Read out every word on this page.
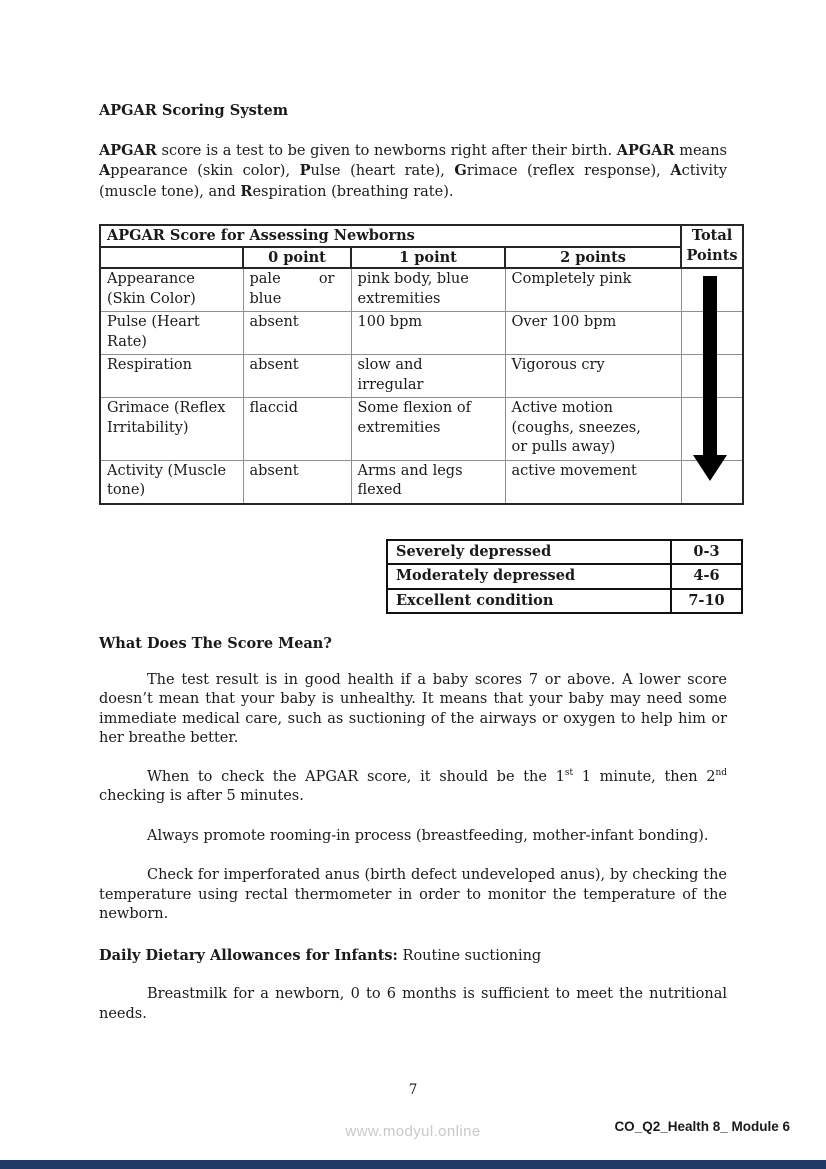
APGAR Scoring System

APGAR score is a test to be given to newborns right after their birth. APGAR means Appearance (skin color), Pulse (heart rate), Grimace (reflex response), Activity (muscle tone), and Respiration (breathing rate).

APGAR Score for Assessing Newborns				Total
Points

	0 point	1 point	2 points	
Appearance (Skin Color)	pale or blue	pink body, blue extremities	Completely pink	
Pulse (Heart Rate)	absent	100 bpm	Over 100 bpm	
Respiration	absent	slow and irregular	Vigorous cry	
Grimace (Reflex Irritability)	flaccid	Some flexion of extremities	Active motion (coughs, sneezes, or pulls away)	
Activity (Muscle tone)	absent	Arms and legs flexed	active movement	
Severely depressed	0-3
Moderately depressed	4-6
Excellent condition	7-10
What Does The Score Mean?

The test result is in good health if a baby scores 7 or above. A lower score doesn’t mean that your baby is unhealthy. It means that your baby may need some immediate medical care, such as suctioning of the airways or oxygen to help him or her breathe better.

When to check the APGAR score, it should be the 1st 1 minute, then 2nd checking is after 5 minutes.

Always promote rooming-in process (breastfeeding, mother-infant bonding).

Check for imperforated anus (birth defect undeveloped anus), by checking the temperature using rectal thermometer in order to monitor the temperature of the newborn.

Daily Dietary Allowances for Infants: Routine suctioning

Breastmilk for a newborn, 0 to 6 months is sufficient to meet the nutritional needs.

7
www.modyul.online	CO_Q2_Health 8_ Module 6
